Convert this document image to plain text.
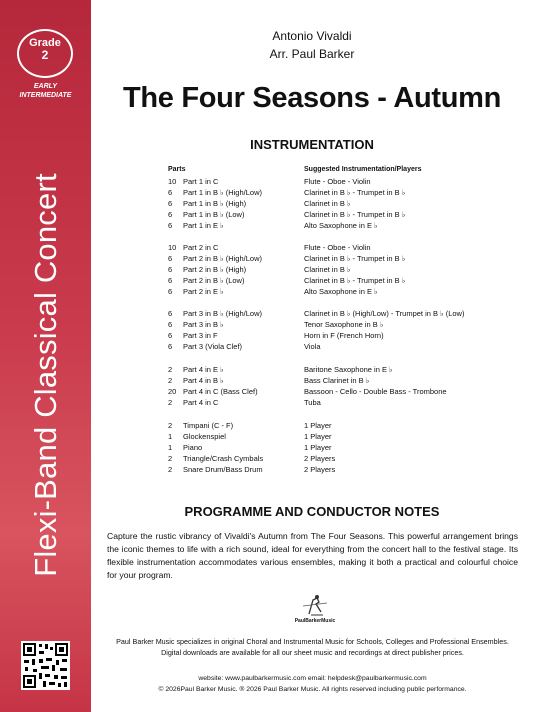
Grade
2
EARLY
INTERMEDIATE
Flexi-Band Classical Concert
Antonio Vivaldi
Arr. Paul Barker
The Four Seasons - Autumn
INSTRUMENTATION
Parts	Suggested Instrumentation/Players
10 Part 1 in C	Flute - Oboe - Violin
6 Part 1 in B ♭ (High/Low)	Clarinet in B ♭ - Trumpet in B ♭
6 Part 1 in B ♭ (High)	Clarinet in B ♭
6 Part 1 in B ♭ (Low)	Clarinet in B ♭ - Trumpet in B ♭
6 Part 1 in E ♭	Alto Saxophone in E ♭
10 Part 2 in C	Flute - Oboe - Violin
6 Part 2 in B ♭ (High/Low)	Clarinet in B ♭ - Trumpet in B ♭
6 Part 2 in B ♭ (High)	Clarinet in B ♭
6 Part 2 in B ♭ (Low)	Clarinet in B ♭ - Trumpet in B ♭
6 Part 2 in E ♭	Alto Saxophone in E ♭
6 Part 3 in B ♭ (High/Low)	Clarinet in B ♭ (High/Low) - Trumpet in B ♭ (Low)
6 Part 3 in B ♭	Tenor Saxophone in B ♭
6 Part 3 in F	Horn in F (French Horn)
6 Part 3 (Viola Clef)	Viola
2 Part 4 in E ♭	Baritone Saxophone in E ♭
2 Part 4 in B ♭	Bass Clarinet in B ♭
20 Part 4 in C (Bass Clef)	Bassoon - Cello - Double Bass - Trombone
2 Part 4 in C	Tuba
2 Timpani (C - F)	1 Player
1 Glockenspiel	1 Player
1 Piano	1 Player
2 Triangle/Crash Cymbals	2 Players
2 Snare Drum/Bass Drum	2 Players
PROGRAMME AND CONDUCTOR NOTES
Capture the rustic vibrancy of Vivaldi's Autumn from The Four Seasons. This powerful arrangement brings the iconic themes to life with a rich sound, ideal for everything from the concert hall to the festival stage. Its flexible instrumentation accommodates various ensembles, making it both a practical and colourful choice for your program.
PaulBarkerMusic
Paul Barker Music specializes in original Choral and Instrumental Music for Schools, Colleges and Professional Ensembles. Digital downloads are available for all our sheet music and recordings at direct publisher prices.
website: www.paulbarkermusic.com email: helpdesk@paulbarkermusic.com
© 2026Paul Barker Music. ® 2026 Paul Barker Music. All rights reserved including public performance.
